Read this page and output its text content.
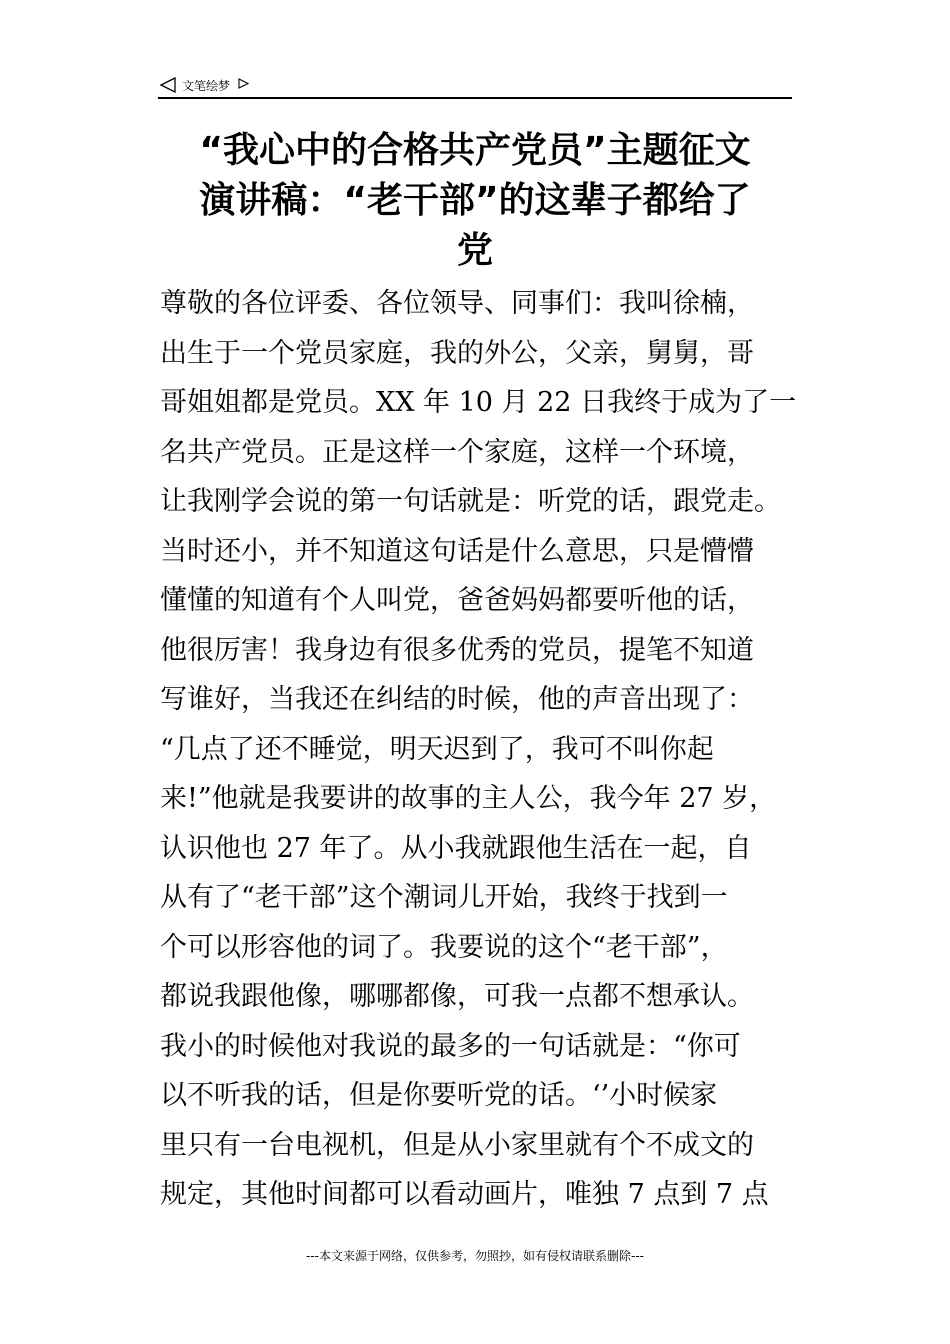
文笔绘梦
“我心中的合格共产党员”主题征文
演讲稿：“老干部”的这辈子都给了
党
尊敬的各位评委、各位领导、同事们：我叫徐楠，
出生于一个党员家庭，我的外公，父亲，舅舅，哥
哥姐姐都是党员。XX 年 10 月 22 日我终于成为了一
名共产党员。正是这样一个家庭，这样一个环境，
让我刚学会说的第一句话就是：听党的话，跟党走。
当时还小，并不知道这句话是什么意思，只是懵懵
懂懂的知道有个人叫党，爸爸妈妈都要听他的话，
他很厉害！我身边有很多优秀的党员，提笔不知道
写谁好，当我还在纠结的时候，他的声音出现了：
“几点了还不睡觉，明天迟到了，我可不叫你起
来!”他就是我要讲的故事的主人公，我今年 27 岁，
认识他也 27 年了。从小我就跟他生活在一起，自
从有了“老干部”这个潮词儿开始，我终于找到一
个可以形容他的词了。我要说的这个“老干部”，
都说我跟他像，哪哪都像，可我一点都不想承认。
我小的时候他对我说的最多的一句话就是：“你可
以不听我的话，但是你要听党的话。‘’小时候家
里只有一台电视机，但是从小家里就有个不成文的
规定，其他时间都可以看动画片，唯独 7 点到 7 点
---本文来源于网络，仅供参考，勿照抄，如有侵权请联系删除---
